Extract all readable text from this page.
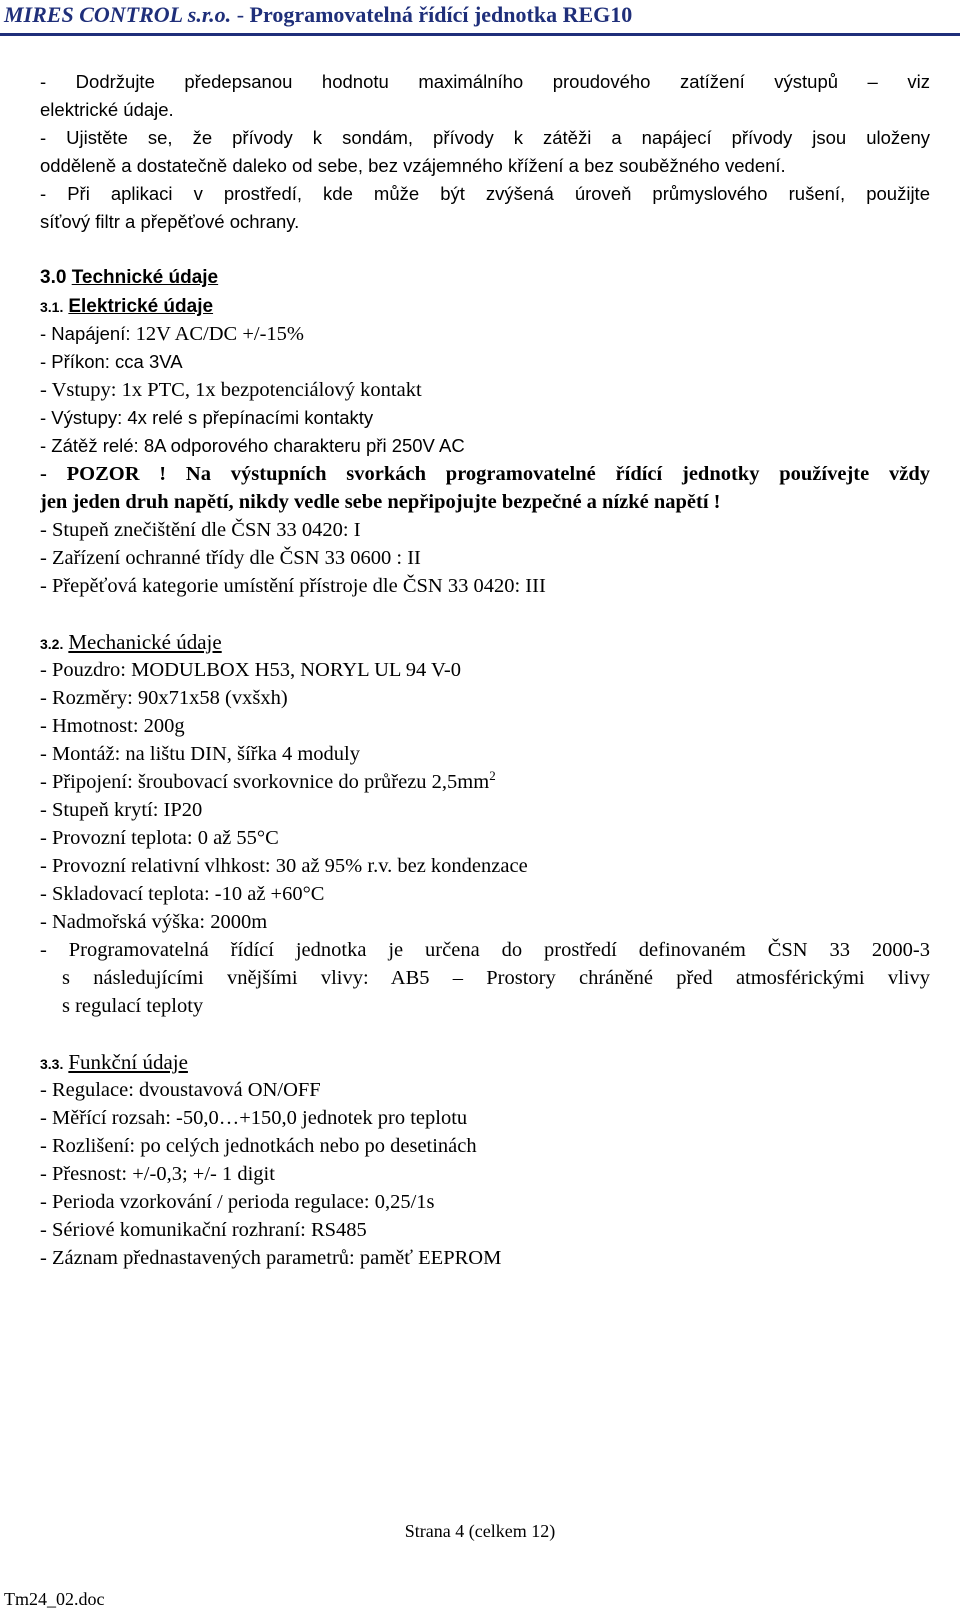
MIRES CONTROL s.r.o. - Programovatelná řídící jednotka REG10
- Dodržujte předepsanou hodnotu maximálního proudového zatížení výstupů – viz
elektrické údaje.
- Ujistěte se, že přívody k sondám, přívody k zátěži a napájecí přívody jsou uloženy
odděleně a dostatečně daleko od sebe, bez vzájemného křížení a bez souběžného vedení.
- Při aplikaci v prostředí, kde může být zvýšená úroveň průmyslového rušení, použijte
síťový filtr a přepěťové ochrany.
3.0 Technické údaje
3.1. Elektrické údaje
- Napájení: 12V AC/DC +/-15%
- Příkon: cca 3VA
- Vstupy: 1x PTC, 1x bezpotenciálový kontakt
- Výstupy: 4x relé s přepínacími kontakty
- Zátěž relé: 8A odporového charakteru při 250V AC
- POZOR ! Na výstupních svorkách programovatelné řídící jednotky používejte vždy
jen jeden druh napětí, nikdy vedle sebe nepřipojujte bezpečné a nízké napětí !
- Stupeň znečištění dle ČSN 33 0420: I
- Zařízení ochranné třídy dle ČSN 33 0600 : II
- Přepěťová kategorie umístění přístroje dle ČSN 33 0420: III
3.2. Mechanické údaje
- Pouzdro: MODULBOX H53, NORYL UL 94 V-0
- Rozměry: 90x71x58 (vxšxh)
- Hmotnost: 200g
- Montáž: na lištu DIN, šířka 4 moduly
- Připojení: šroubovací svorkovnice do průřezu $2,5mm^2$
- Stupeň krytí: IP20
- Provozní teplota: 0 až 55°C
- Provozní relativní vlhkost: 30 až 95% r.v. bez kondenzace
- Skladovací teplota: -10 až +60°C
- Nadmořská výška: 2000m
- Programovatelná řídící jednotka je určena do prostředí definovaném ČSN 33 2000-3
s následujícími vnějšími vlivy: AB5 – Prostory chráněné před atmosférickými vlivy
s regulací teploty
3.3. Funkční údaje
- Regulace: dvoustavová ON/OFF
- Měřící rozsah: -50,0…+150,0 jednotek pro teplotu
- Rozlišení: po celých jednotkách nebo po desetinách
- Přesnost: +/-0,3; +/- 1 digit
- Perioda vzorkování / perioda regulace: 0,25/1s
- Sériové komunikační rozhraní: RS485
- Záznam přednastavených parametrů: paměť EEPROM
Strana 4 (celkem 12)
Tm24_02.doc
